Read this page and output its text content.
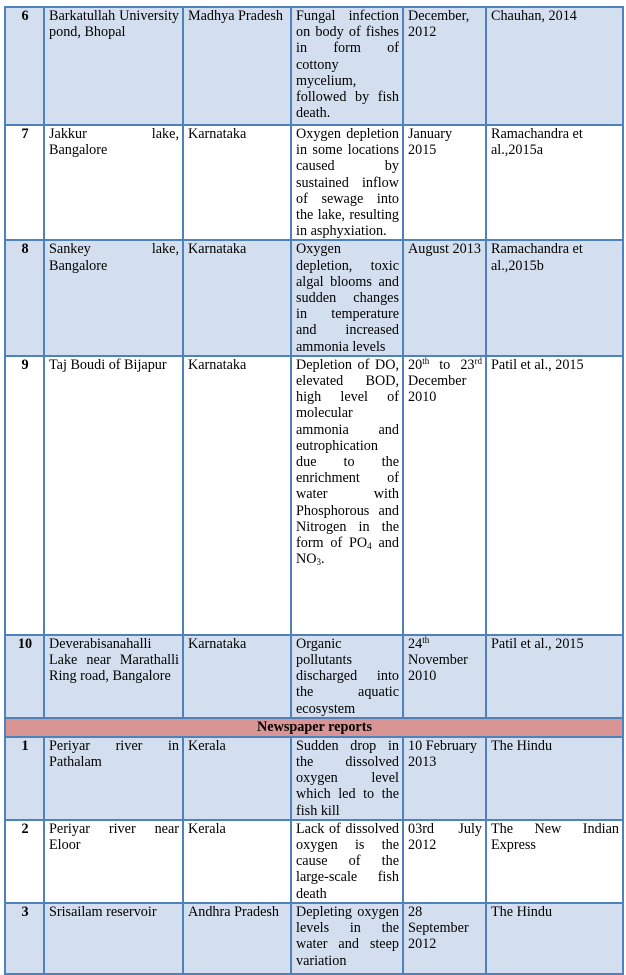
6	Barkatullah University pond, Bhopal	Madhya Pradesh	Fungal infection on body of fishes in form of cottony mycelium, followed by fish death.	December, 2012	Chauhan, 2014
7	Jakkur lake, Bangalore	Karnataka	Oxygen depletion in some locations caused by sustained inflow of sewage into the lake, resulting in asphyxiation.	January 2015	Ramachandra et al.,2015a
8	Sankey lake, Bangalore	Karnataka	Oxygen depletion, toxic algal blooms and sudden changes in temperature and increased ammonia levels	August 2013	Ramachandra et al.,2015b
9	Taj Boudi of Bijapur	Karnataka	Depletion of DO, elevated BOD, high level of molecular ammonia and eutrophication due to the enrichment of water with Phosphorous and Nitrogen in the form of $PO_4$ and $NO_3$.	20th to 23rd December 2010	Patil et al., 2015
10	Deverabisanahalli Lake near Marathalli Ring road, Bangalore	Karnataka	Organic pollutants discharged into the aquatic ecosystem	24th November 2010	Patil et al., 2015
Newspaper reports					
1	Periyar river in Pathalam	Kerala	Sudden drop in the dissolved oxygen level which led to the fish kill	10 February 2013	The Hindu
2	Periyar river near Eloor	Kerala	Lack of dissolved oxygen is the cause of the large-scale fish death	03rd July 2012	The New Indian Express
3	Srisailam reservoir	Andhra Pradesh	Depleting oxygen levels in the water and steep variation	28 September 2012	The Hindu
